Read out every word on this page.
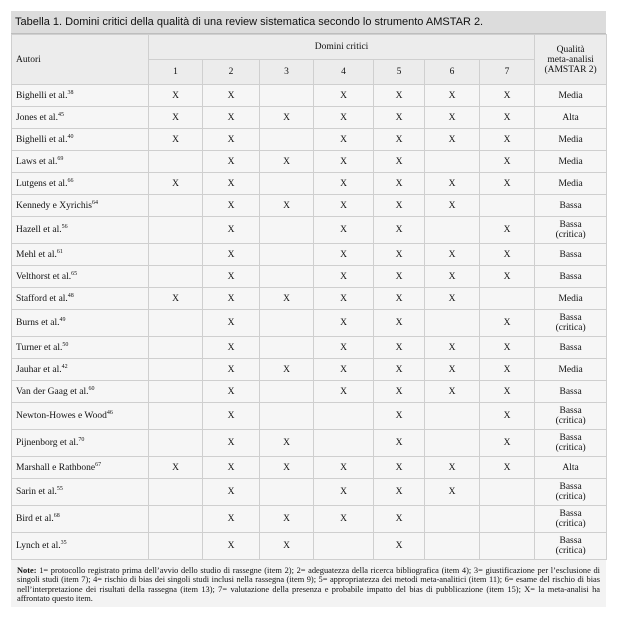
Tabella 1. Domini critici della qualità di una review sistematica secondo lo strumento AMSTAR 2.
Autori	Domini critici							Qualità
meta-analisi
(AMSTAR 2)
	1	2	3	4	5	6	7	
Bighelli et al.$^{38}$	X	X		X	X	X	X	Media
Jones et al.$^{45}$	X	X	X	X	X	X	X	Alta
Bighelli et al.$^{40}$	X	X		X	X	X	X	Media
Laws et al.$^{69}$		X	X	X	X		X	Media
Lutgens et al.$^{66}$	X	X		X	X	X	X	Media
Kennedy e Xyrichis$^{64}$		X	X	X	X	X		Bassa
Hazell et al.$^{56}$		X		X	X		X	Bassa
(critica)
Mehl et al.$^{61}$		X		X	X	X	X	Bassa
Velthorst et al.$^{65}$		X		X	X	X	X	Bassa
Stafford et al.$^{48}$	X	X	X	X	X	X		Media
Burns et al.$^{49}$		X		X	X		X	Bassa
(critica)
Turner et al.$^{50}$		X		X	X	X	X	Bassa
Jauhar et al.$^{42}$		X	X	X	X	X	X	Media
Van der Gaag et al.$^{60}$		X		X	X	X	X	Bassa
Newton-Howes e Wood$^{46}$		X			X		X	Bassa
(critica)
Pijnenborg et al.$^{70}$		X	X		X		X	Bassa
(critica)
Marshall e Rathbone$^{67}$	X	X	X	X	X	X	X	Alta
Sarin et al.$^{55}$		X		X	X	X		Bassa
(critica)
Bird et al.$^{68}$		X	X	X	X			Bassa
(critica)
Lynch et al.$^{35}$		X	X		X			Bassa
(critica)
Note: 1= protocollo registrato prima dell’avvio dello studio di rassegne (item 2); 2= adeguatezza della ricerca bibliografica (item 4); 3= giustificazione per l’esclusione di singoli studi (item 7); 4= rischio di bias dei singoli studi inclusi nella rassegna (item 9); 5= appropriatezza dei metodi meta-analitici (item 11); 6= esame del rischio di bias nell’interpretazione dei risultati della rassegna (item 13); 7= valutazione della presenza e probabile impatto del bias di pubblicazione (item 15); X= la meta-analisi ha affrontato questo item.
